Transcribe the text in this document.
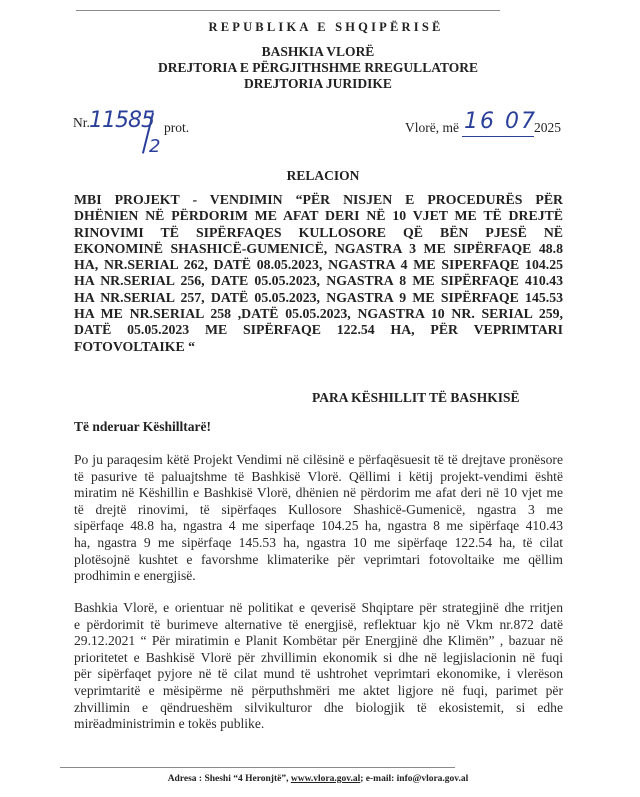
REPUBLIKA E SHQIPËRISË
BASHKIA VLORË
DREJTORIA E PËRGJITHSHME RREGULLATORE
DREJTORIA JURIDIKE
Nr. 11585
2
prot.	Vlorë, më 16 07
2025
RELACION
MBI PROJEKT - VENDIMIN “PËR NISJEN E PROCEDURËS PËR
DHËNIEN NË PËRDORIM ME AFAT DERI NË 10 VJET ME TË DREJTË
RINOVIMI TË SIPËRFAQES KULLOSORE QË BËN PJESË NË
EKONOMINË SHASHICË-GUMENICË, NGASTRA 3 ME SIPËRFAQE 48.8
HA, NR.SERIAL 262, DATË 08.05.2023, NGASTRA 4 ME SIPERFAQE 104.25
HA NR.SERIAL 256, DATE 05.05.2023, NGASTRA 8 ME SIPËRFAQE 410.43
HA NR.SERIAL 257, DATË 05.05.2023, NGASTRA 9 ME SIPËRFAQE 145.53
HA ME NR.SERIAL 258 ,DATË 05.05.2023, NGASTRA 10 NR. SERIAL 259,
DATË 05.05.2023 ME SIPËRFAQE 122.54 HA, PËR VEPRIMTARI
FOTOVOLTAIKE “
PARA KËSHILLIT TË BASHKISË
Të nderuar Këshilltarë!
Po ju paraqesim këtë Projekt Vendimi në cilësinë e përfaqësuesit të të drejtave pronësore
të pasurive të paluajtshme të Bashkisë Vlorë. Qëllimi i këtij projekt-vendimi është
miratim në Këshillin e Bashkisë Vlorë, dhënien në përdorim me afat deri në 10 vjet me
të drejtë rinovimi, të sipërfaqes Kullosore Shashicë-Gumenicë, ngastra 3 me
sipërfaqe 48.8 ha, ngastra 4 me siperfaqe 104.25 ha, ngastra 8 me sipërfaqe 410.43
ha, ngastra 9 me sipërfaqe 145.53 ha, ngastra 10 me sipërfaqe 122.54 ha, të cilat
plotësojnë kushtet e favorshme klimaterike për veprimtari fotovoltaike me qëllim
prodhimin e energjisë.
Bashkia Vlorë, e orientuar në politikat e qeverisë Shqiptare për strategjinë dhe rritjen
e përdorimit të burimeve alternative të energjisë, reflektuar kjo në Vkm nr.872 datë
29.12.2021 “ Për miratimin e Planit Kombëtar për Energjinë dhe Klimën” , bazuar në
prioritetet e Bashkisë Vlorë për zhvillimin ekonomik si dhe në legjislacionin në fuqi
për sipërfaqet pyjore në të cilat mund të ushtrohet veprimtari ekonomike, i vlerëson
veprimtaritë e mësipërme në përputhshmëri me aktet ligjore në fuqi, parimet për
zhvillimin e qëndrueshëm silvikulturor dhe biologjik të ekosistemit, si edhe
mirëadministrimin e tokës publike.
Adresa : Sheshi “4 Heronjtë”, www.vlora.gov.al; e-mail: info@vlora.gov.al
